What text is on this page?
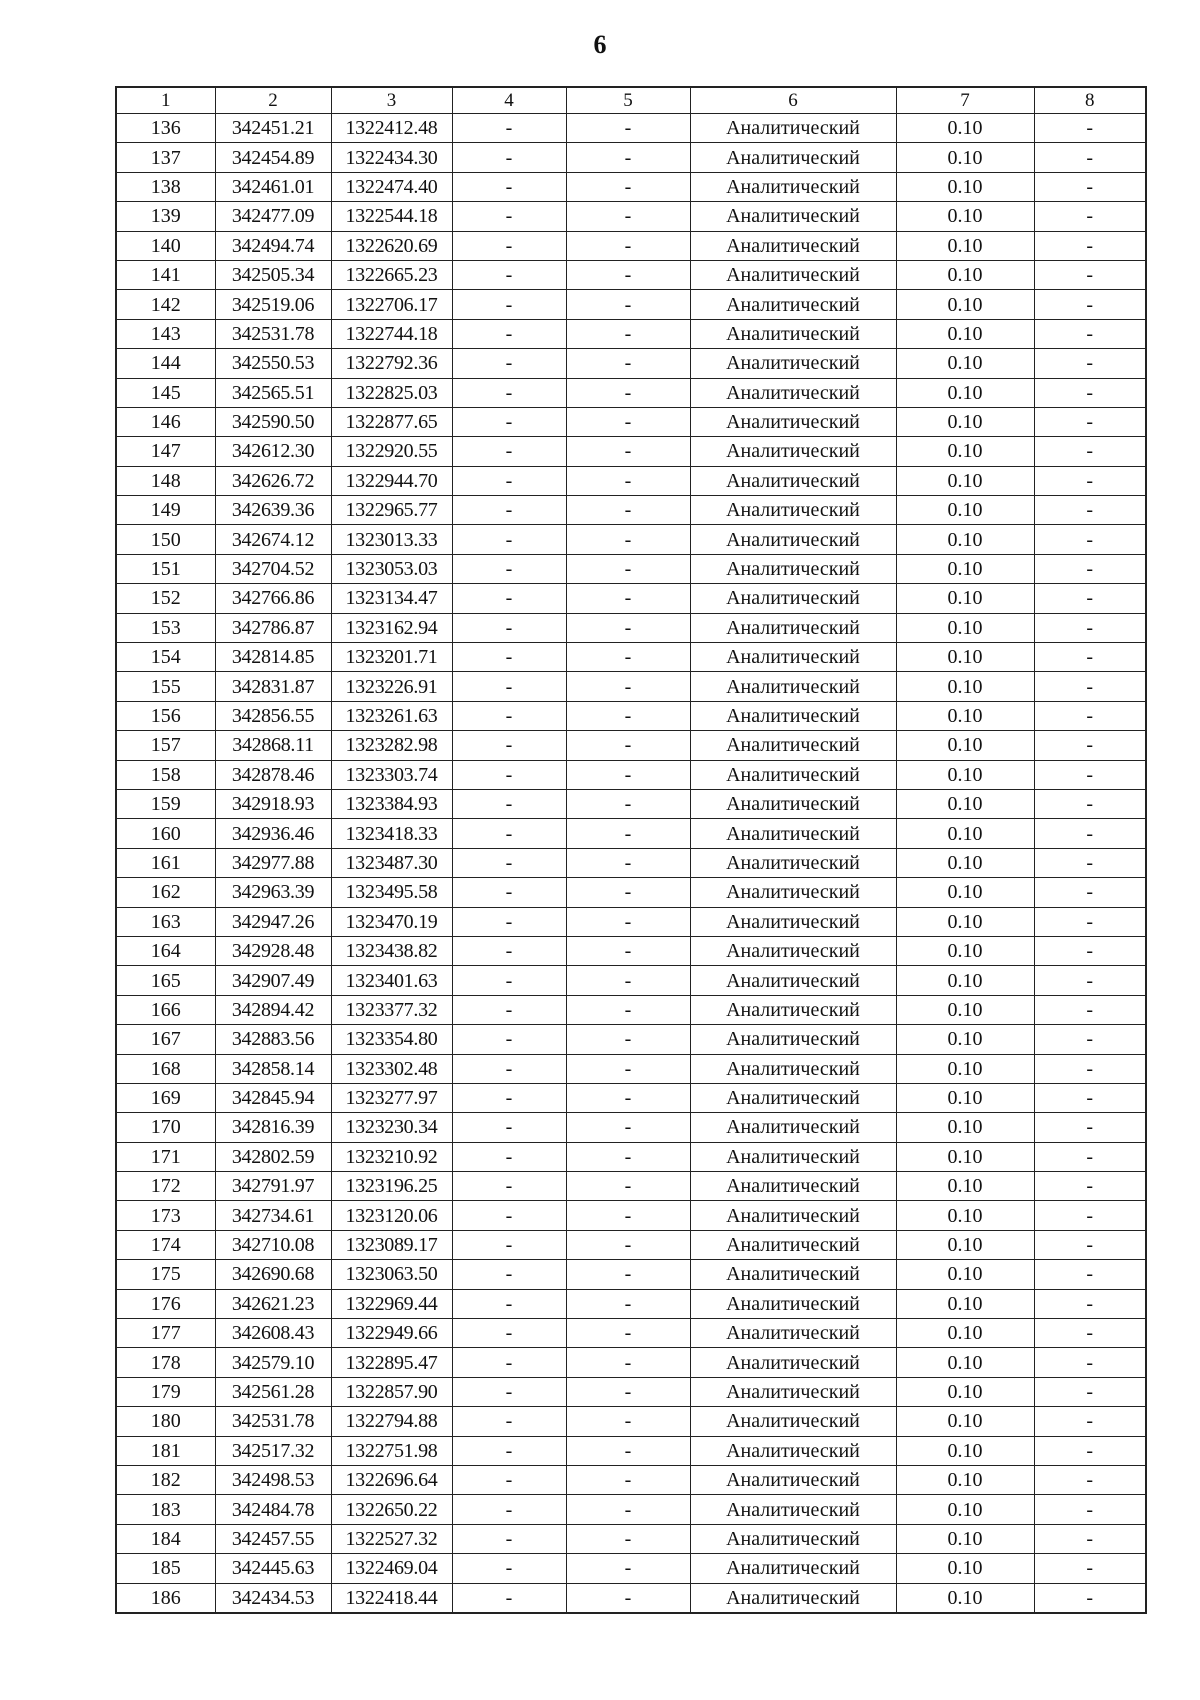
6
1	2	3	4	5	6	7	8
136	342451.21	1322412.48	-	-	Аналитический	0.10	-
137	342454.89	1322434.30	-	-	Аналитический	0.10	-
138	342461.01	1322474.40	-	-	Аналитический	0.10	-
139	342477.09	1322544.18	-	-	Аналитический	0.10	-
140	342494.74	1322620.69	-	-	Аналитический	0.10	-
141	342505.34	1322665.23	-	-	Аналитический	0.10	-
142	342519.06	1322706.17	-	-	Аналитический	0.10	-
143	342531.78	1322744.18	-	-	Аналитический	0.10	-
144	342550.53	1322792.36	-	-	Аналитический	0.10	-
145	342565.51	1322825.03	-	-	Аналитический	0.10	-
146	342590.50	1322877.65	-	-	Аналитический	0.10	-
147	342612.30	1322920.55	-	-	Аналитический	0.10	-
148	342626.72	1322944.70	-	-	Аналитический	0.10	-
149	342639.36	1322965.77	-	-	Аналитический	0.10	-
150	342674.12	1323013.33	-	-	Аналитический	0.10	-
151	342704.52	1323053.03	-	-	Аналитический	0.10	-
152	342766.86	1323134.47	-	-	Аналитический	0.10	-
153	342786.87	1323162.94	-	-	Аналитический	0.10	-
154	342814.85	1323201.71	-	-	Аналитический	0.10	-
155	342831.87	1323226.91	-	-	Аналитический	0.10	-
156	342856.55	1323261.63	-	-	Аналитический	0.10	-
157	342868.11	1323282.98	-	-	Аналитический	0.10	-
158	342878.46	1323303.74	-	-	Аналитический	0.10	-
159	342918.93	1323384.93	-	-	Аналитический	0.10	-
160	342936.46	1323418.33	-	-	Аналитический	0.10	-
161	342977.88	1323487.30	-	-	Аналитический	0.10	-
162	342963.39	1323495.58	-	-	Аналитический	0.10	-
163	342947.26	1323470.19	-	-	Аналитический	0.10	-
164	342928.48	1323438.82	-	-	Аналитический	0.10	-
165	342907.49	1323401.63	-	-	Аналитический	0.10	-
166	342894.42	1323377.32	-	-	Аналитический	0.10	-
167	342883.56	1323354.80	-	-	Аналитический	0.10	-
168	342858.14	1323302.48	-	-	Аналитический	0.10	-
169	342845.94	1323277.97	-	-	Аналитический	0.10	-
170	342816.39	1323230.34	-	-	Аналитический	0.10	-
171	342802.59	1323210.92	-	-	Аналитический	0.10	-
172	342791.97	1323196.25	-	-	Аналитический	0.10	-
173	342734.61	1323120.06	-	-	Аналитический	0.10	-
174	342710.08	1323089.17	-	-	Аналитический	0.10	-
175	342690.68	1323063.50	-	-	Аналитический	0.10	-
176	342621.23	1322969.44	-	-	Аналитический	0.10	-
177	342608.43	1322949.66	-	-	Аналитический	0.10	-
178	342579.10	1322895.47	-	-	Аналитический	0.10	-
179	342561.28	1322857.90	-	-	Аналитический	0.10	-
180	342531.78	1322794.88	-	-	Аналитический	0.10	-
181	342517.32	1322751.98	-	-	Аналитический	0.10	-
182	342498.53	1322696.64	-	-	Аналитический	0.10	-
183	342484.78	1322650.22	-	-	Аналитический	0.10	-
184	342457.55	1322527.32	-	-	Аналитический	0.10	-
185	342445.63	1322469.04	-	-	Аналитический	0.10	-
186	342434.53	1322418.44	-	-	Аналитический	0.10	-
